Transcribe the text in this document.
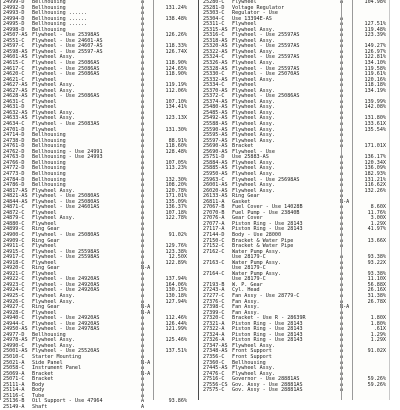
24999-D	Bellhousing	A
24992-D	Bellhousing	A	131.24%
24993-D	Bellhousing ......	A
24994-D	Bellhousing ......	A	138.48%
24995-D	Bellhousing ......	A
24998-D	Bellhousing	A
24507-AS Flywheel - Use 25398AS	A	126.26%
24551-C	Flywheel - Use 24601-AS	A
24597-C	Flywheel - Use 24607-AS	A	118.33%
24598-AS Flywheel - Use 25597-AS	A	126.74X
24601-AS Flywheel Assy.	A
24615-C	Flywheel - Use 25086AS	A	118.90%
24617-C	Flywheel - Use 25086AS	A	124.65%
24620-C	Flywheel - Use 25086AS	A	118.90%
24621-C	Flywheel	A
24627-AS Flywheel Assy.	A	119.19%
24627-AS Flywheel Assy.	A	112.06%
24628-AS Flywheel - Use 25086AS	A
24631-C	Flywheel	A	107.10%
24631-D	Flywheel	A	134.41%
24632-AS Flywheel Assy.	A
24633-AS Flywheel Assy.	A	123.13X
24634-C	Flywheel - Use 25083AS	A
24701-D	Flywheel	A	131.30%
24714-D	Bellhousing	A
24738-D	Bellhousing	A	88.91%
24761-D	Bellhousing	A	118.60%
24762-D	Bellhousing - Use 24991	A	128.48%
24763-D	Bellhousing - Use 24993	A
24766-D	Bellhousing	A	107.05%
24772-D	Bellhousing	A	113.23%
24773-D	Bellhousing	A
24784-D	Bellhousing	A	132.30%
24786-D	Bellhousing	A	108.20%
24817-AS Flywheel Assy.	A	120.78%
24821-AS Flywheel - Use 25080AS	A	171.01%
24844-AS Flywheel - Use 25080AS	A	135.09%
24871-C	Flywheel - Use 24601AS	A	136.37%
24872-C	Flywheel	A	107.18%
24879-C	Flywheel Assy.	A	122.78%
24880-C	Flywheel	A
24899-C	Ring Gear	A
24900-C	Flywheel - Use 25080AS	A	91.02%
24909-C	Ring Gear	A
24911-C	Flywheel	A	129.76%
24915-C	Flywheel - Use 25598AS	A	123.38%
24917-C	Flywheel - Use 25598AS	A	12.50X
24918-C	Flywheel	A	122.89%
24920-C	Ring Gear	N-A
24921-C	Flywheel	A
24922-C	Flywheel - Use 24920AS	A	137.94%
24923-C	Flywheel - Use 24920AS	A	164.06%
24924-C	Flywheel - Use 24920AS	A	130.15%
24925-C	Flywheel Assy.	A	130.18%
24926-C	Flywheel Assy.	A	127.94%
24927-C	Ring Gear	N-A
24928-C	Flywheel	N-A
24940-C	Flywheel - Use 24920AS	A	112.46%
24944-C	Flywheel - Use 24920AS	A	126.44%
24950-AS Flywheel - Use 24978AS	A	121.99%
24977-D	Bellhousing	A
24978-AS Flywheel Assy.	A	125.46%
24990-C	Flywheel Assy.	A
25001-AS Flywheel - Use 25520AS	A	137.51%
25010-C	Starter Mounting	A
25021-A	Side Panel	N-A
25058-C	Instrument Panel	A
25069-A	Bracket	N-A
25071-C	Bracket	A
25111-A	Body	A
25114-A	Body	A
25116-C	Tube	A
25136-B	Oil Support - Use 47964	A	93.86%
25149-A	Shaft	A
25280-C	Flywheel	A	104.98%
25281-D	Voltage Regulator
25303-C	Regulator - Use
25304-C	Use 13394E-AS	A
25311-C	Flywheel	A	127.51%
25315-AS Flywheel Assy.	A	119.48%
25316-C	Flywheel - Use 25597AS	A	123.39%
25318-AS Flywheel Assy.	A
25320-AS Flywheel - Use 25597AS	A	149.27%
25322-AS Flywheel Assy.	A	126.97%
25324-C	Flywheel - Use 25597AS	A	122.81%
25326-AS Flywheel Assy.	A	134.10%
25328-AS Flywheel - Use 25597AS	A	119.58%
25330-C	Flywheel - Use 25070AS	A	119.61%
25332-AS Flywheel Assy.	A	120.16%
25334-C	Flywheel	A	118.18%
25370-AS Flywheel Assy.	A	134.19%
25372-C	Flywheel - Use 25086AS	A
25374-AS Flywheel Assy.	A	139.99%
25480-AS Flywheel Assy.	A	142.08%
25485-AS Flywheel Assy.	A
25492-AS Flywheel Assy.	A	131.80%
25588-AS Flywheel Assy.	A	133.61X
25590-AS Flywheel Assy.	A	135.54%
25595-AS Flywheel Assy.	A
25597-AS Flywheel Assy.	A
25690-AS Bracket	A	171.01X
25690-AS Flywheel - Use
25751-D	Use 25883-AS	A	136.17%
25884-AS Flywheel Assy.	A	120.34X
25885-AS Flywheel Assy.	A	136.09%
25950-AS Flywheel Assy.	A	182.93%
25963-C	Flywheel - Use 25698AS	A	131.21%
26001-AS Flywheel Assy.	A	116.62X
26020-AS Flywheel Assy.	A	132.26%
26133-AS Ring Gear	A
26811-A	Gasket	N-A
27067-B	Fuel Cover - Use 14028B	A	8.60X
27070-B	Fuel Pump - Use 23840B	A	11.76%
27076-A	Gear Cover	A	3.00X
27077-A	Piston Ring - Use 28143	A	1.29X
27117-A	Piston Ring - Use 28143	A	41.97%
27144-D	Body - Use 28000	A
27150-C	Bracket & Water Pipe	A	13.66X
27152-C	Bracket & Water Pipe	A
27162-C	Water Pump Assy.
Use 28179-C	A	93.38%
27163-C	Water Pump Assy.	A	93.22X
Use 28179-C	A
27164-C	Water Pump Assy.	A	93.38%
Use 28179-C	A	11.10X
27193-B	W. P. Gear	A	56.88X
27243-A	Cyl. Head	A	26.16X
27277-C	Fan Assy - Use 28779-C	A	31.38%
27376-C	Fan Assy.	A	26.78X
27398-C	Fan Assy.	N-A
27399-C	Fan Assy.	A
27320-C	Bracket - Use R - 28639R	A	1.80X
27321-A	Piston Ring - Use 28143	A	1.80%
27322-A	Piston Ring - Use 28143	A	.61X
27324-A	Piston Ring - Use 28143	A	1.29%
27326-A	Piston Ring - Use 28143	A	1.29X
27347-AS Flywheel Assy.	A
27348-AS Front Support	A	91.02X
27356-C	Front Support	A
27360-C	Bellhousing	A
27445-AS Flywheel Assy.	A
27476-C	Flywheel Assy.	A
27516-C	Governor - Use 28881AS	A	59.26%
27556-CS Gov. Assy - Use 28881AS	A	59.26%
27575-C	Gov. Assy - Use 28881AS	A
